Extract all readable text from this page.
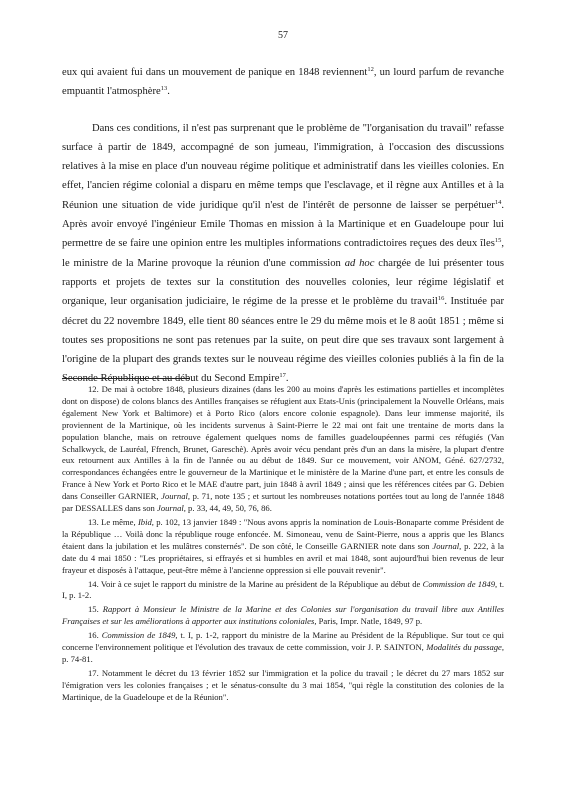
57

eux qui avaient fui dans un mouvement de panique en 1848 reviennent$^{12}$, un lourd parfum de revanche empuantit l'atmosphère$^{13}$.

Dans ces conditions, il n'est pas surprenant que le problème de "l'organisation du travail" refasse surface à partir de 1849, accompagné de son jumeau, l'immigration, à l'occasion des discussions relatives à la mise en place d'un nouveau régime politique et administratif dans les vieilles colonies. En effet, l'ancien régime colonial a disparu en même temps que l'esclavage, et il règne aux Antilles et à la Réunion une situation de vide juridique qu'il n'est de l'intérêt de personne de laisser se perpétuer$^{14}$. Après avoir envoyé l'ingénieur Emile Thomas en mission à la Martinique et en Guadeloupe pour lui permettre de se faire une opinion entre les multiples informations contradictoires reçues des deux îles$^{15}$, le ministre de la Marine provoque la réunion d'une commission ad hoc chargée de lui présenter tous rapports et projets de textes sur la constitution des nouvelles colonies, leur régime législatif et organique, leur organisation judiciaire, le régime de la presse et le problème du travail$^{16}$. Instituée par décret du 22 novembre 1849, elle tient 80 séances entre le 29 du même mois et le 8 août 1851 ; même si toutes ses propositions ne sont pas retenues par la suite, on peut dire que ses travaux sont largement à l'origine de la plupart des grands textes sur le nouveau régime des vieilles colonies publiés à la fin de la Seconde République et au début du Second Empire$^{17}$.

12. De mai à octobre 1848, plusieurs dizaines (dans les 200 au moins d'après les estimations partielles et incomplètes dont on dispose) de colons blancs des Antilles françaises se réfugient aux Etats-Unis (principalement la Nouvelle Orléans, mais également New York et Baltimore) et à Porto Rico (alors encore colonie espagnole). Dans leur immense majorité, ils proviennent de la Martinique, où les incidents survenus à Saint-Pierre le 22 mai ont fait une trentaine de morts dans la population blanche, mais on retrouve également quelques noms de familles guadeloupéennes parmi ces réfugiés (Van Schalkwyck, de Lauréal, Ffrench, Brunet, Gareschè). Après avoir vécu pendant près d'un an dans la misère, la plupart d'entre eux retournent aux Antilles à la fin de l'année ou au début de 1849. Sur ce mouvement, voir ANOM, Géné. 627/2732, correspondances échangées entre le gouverneur de la Martinique et le ministère de la Marine d'une part, et entre les consuls de France à New York et Porto Rico et le MAE d'autre part, juin 1848 à avril 1849 ; ainsi que les références citées par G. Debien dans Conseiller GARNIER, Journal, p. 71, note 135 ; et surtout les nombreuses notations portées tout au long de l'année 1848 par DESSALLES dans son Journal, p. 33, 44, 49, 50, 76, 86.

13. Le même, Ibid, p. 102, 13 janvier 1849 : "Nous avons appris la nomination de Louis-Bonaparte comme Président de la République … Voilà donc la république rouge enfoncée. M. Simoneau, venu de Saint-Pierre, nous a appris que les Blancs étaient dans la jubilation et les mulâtres consternés". De son côté, le Conseille GARNIER note dans son Journal, p. 222, à la date du 4 mai 1850 : "Les propriétaires, si effrayés et si humbles en avril et mai 1848, sont aujourd'hui bien revenus de leur frayeur et disposés à l'attaque, peut-être même à l'ancienne oppression si elle pouvait revenir".

14. Voir à ce sujet le rapport du ministre de la Marine au président de la République au début de Commission de 1849, t. I, p. 1-2.

15. Rapport à Monsieur le Ministre de la Marine et des Colonies sur l'organisation du travail libre aux Antilles Françaises et sur les améliorations à apporter aux institutions coloniales, Paris, Impr. Natle, 1849, 97 p.

16. Commission de 1849, t. I, p. 1-2, rapport du ministre de la Marine au Président de la République. Sur tout ce qui concerne l'environnement politique et l'évolution des travaux de cette commission, voir J. P. SAINTON, Modalités du passage, p. 74-81.

17. Notamment le décret du 13 février 1852 sur l'immigration et la police du travail ; le décret du 27 mars 1852 sur l'émigration vers les colonies françaises ; et le sénatus-consulte du 3 mai 1854, "qui règle la constitution des colonies de la Martinique, de la Guadeloupe et de la Réunion".
